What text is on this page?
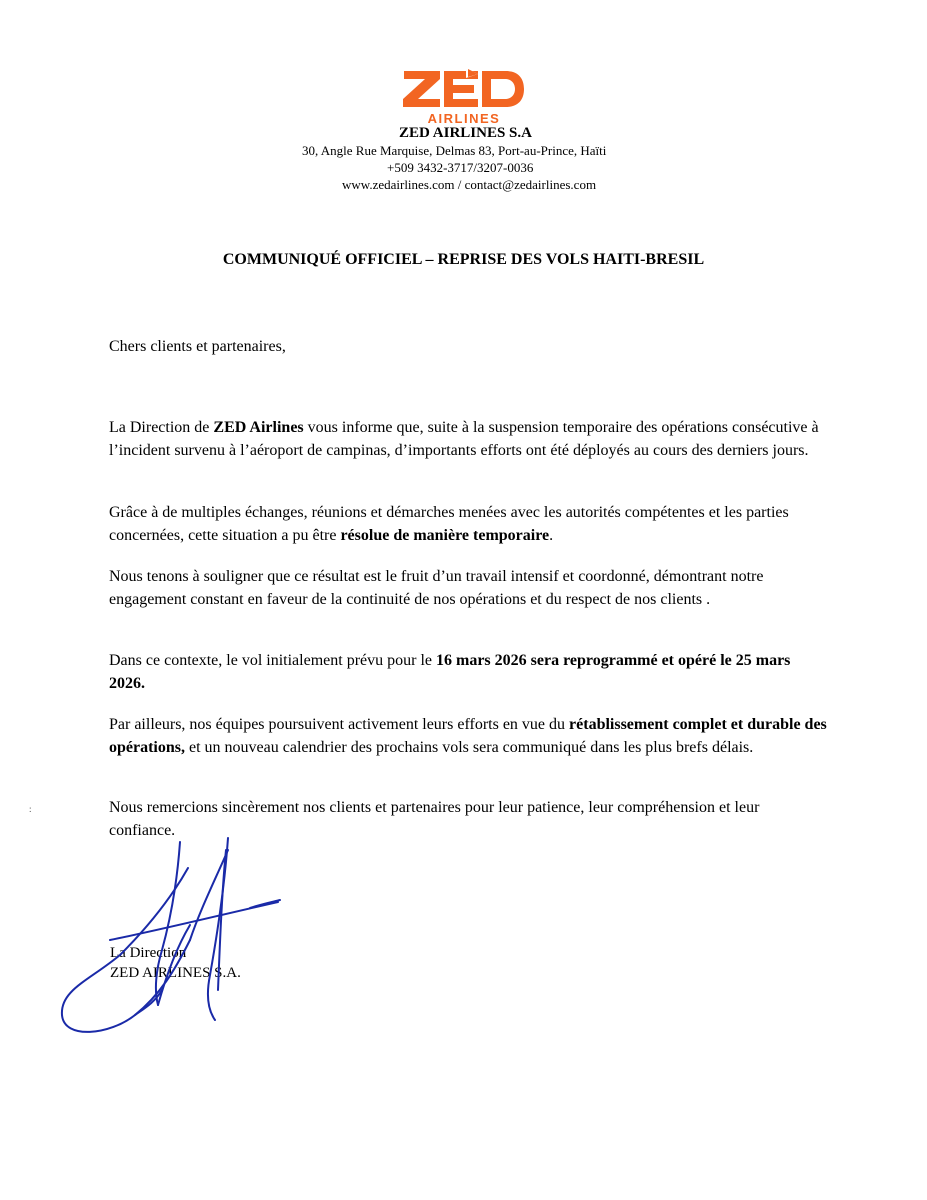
AIRLINES
ZED AIRLINES S.A
30, Angle Rue Marquise, Delmas 83, Port-au-Prince, Haïti
+509 3432-3717/3207-0036
www.zedairlines.com / contact@zedairlines.com
COMMUNIQUÉ OFFICIEL – REPRISE DES VOLS HAITI-BRESIL
Chers clients et partenaires,
La Direction de ZED Airlines vous informe que, suite à la suspension temporaire des opérations consécutive à l’incident survenu à l’aéroport de campinas, d’importants efforts ont été déployés au cours des derniers jours.
Grâce à de multiples échanges, réunions et démarches menées avec les autorités compétentes et les parties concernées, cette situation a pu être résolue de manière temporaire.
Nous tenons à souligner que ce résultat est le fruit d’un travail intensif et coordonné, démontrant notre engagement constant en faveur de la continuité de nos opérations et du respect de nos clients .
Dans ce contexte, le vol initialement prévu pour le 16 mars 2026 sera reprogrammé et opéré le 25 mars 2026.
Par ailleurs, nos équipes poursuivent activement leurs efforts en vue du rétablissement complet et durable des opérations, et un nouveau calendrier des prochains vols sera communiqué dans les plus brefs délais.
Nous remercions sincèrement nos clients et partenaires pour leur patience, leur compréhension et leur confiance.
:
La Direction
ZED AIRLINES S.A.
